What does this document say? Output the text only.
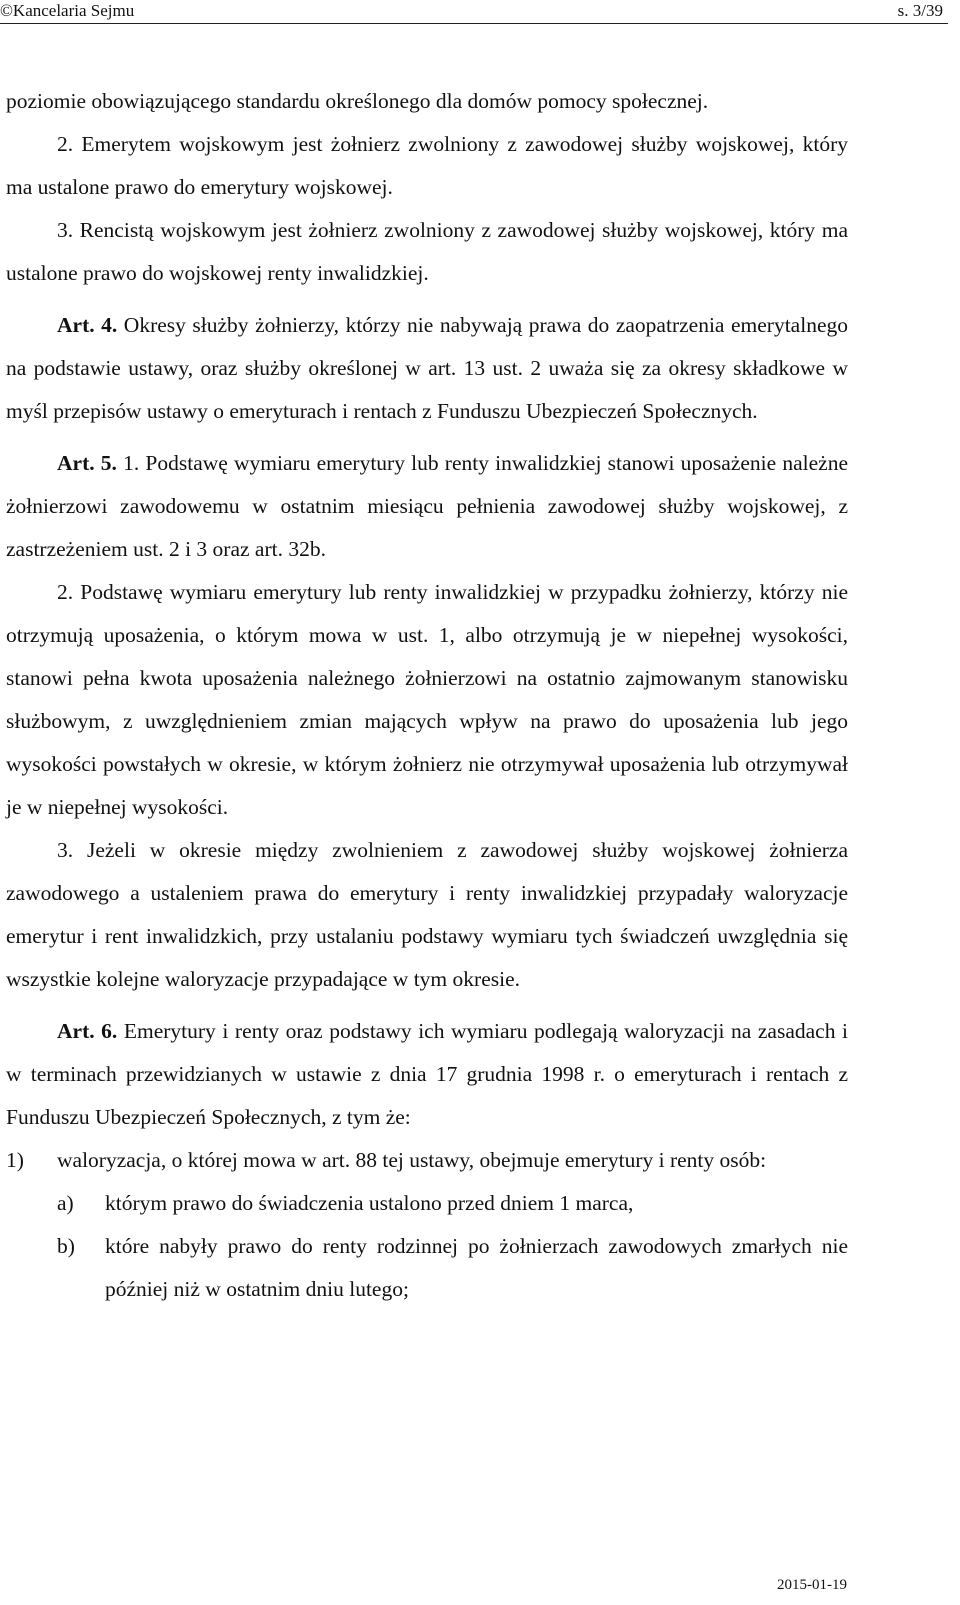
©Kancelaria Sejmu	s. 3/39

poziomie obowiązującego standardu określonego dla domów pomocy społecznej.

2. Emerytem wojskowym jest żołnierz zwolniony z zawodowej służby wojskowej, który ma ustalone prawo do emerytury wojskowej.

3. Rencistą wojskowym jest żołnierz zwolniony z zawodowej służby wojskowej, który ma ustalone prawo do wojskowej renty inwalidzkiej.

Art. 4. Okresy służby żołnierzy, którzy nie nabywają prawa do zaopatrzenia emerytalnego na podstawie ustawy, oraz służby określonej w art. 13 ust. 2 uważa się za okresy składkowe w myśl przepisów ustawy o emeryturach i rentach z Funduszu Ubezpieczeń Społecznych.

Art. 5. 1. Podstawę wymiaru emerytury lub renty inwalidzkiej stanowi uposażenie należne żołnierzowi zawodowemu w ostatnim miesiącu pełnienia zawodowej służby wojskowej, z zastrzeżeniem ust. 2 i 3 oraz art. 32b.

2. Podstawę wymiaru emerytury lub renty inwalidzkiej w przypadku żołnierzy, którzy nie otrzymują uposażenia, o którym mowa w ust. 1, albo otrzymują je w niepełnej wysokości, stanowi pełna kwota uposażenia należnego żołnierzowi na ostatnio zajmowanym stanowisku służbowym, z uwzględnieniem zmian mających wpływ na prawo do uposażenia lub jego wysokości powstałych w okresie, w którym żołnierz nie otrzymywał uposażenia lub otrzymywał je w niepełnej wysokości.

3. Jeżeli w okresie między zwolnieniem z zawodowej służby wojskowej żołnierza zawodowego a ustaleniem prawa do emerytury i renty inwalidzkiej przypadały waloryzacje emerytur i rent inwalidzkich, przy ustalaniu podstawy wymiaru tych świadczeń uwzględnia się wszystkie kolejne waloryzacje przypadające w tym okresie.

Art. 6. Emerytury i renty oraz podstawy ich wymiaru podlegają waloryzacji na zasadach i w terminach przewidzianych w ustawie z dnia 17 grudnia 1998 r. o emeryturach i rentach z Funduszu Ubezpieczeń Społecznych, z tym że:

1) waloryzacja, o której mowa w art. 88 tej ustawy, obejmuje emerytury i renty osób:
a) którym prawo do świadczenia ustalono przed dniem 1 marca,
b) które nabyły prawo do renty rodzinnej po żołnierzach zawodowych zmarłych nie później niż w ostatnim dniu lutego;
2015-01-19
